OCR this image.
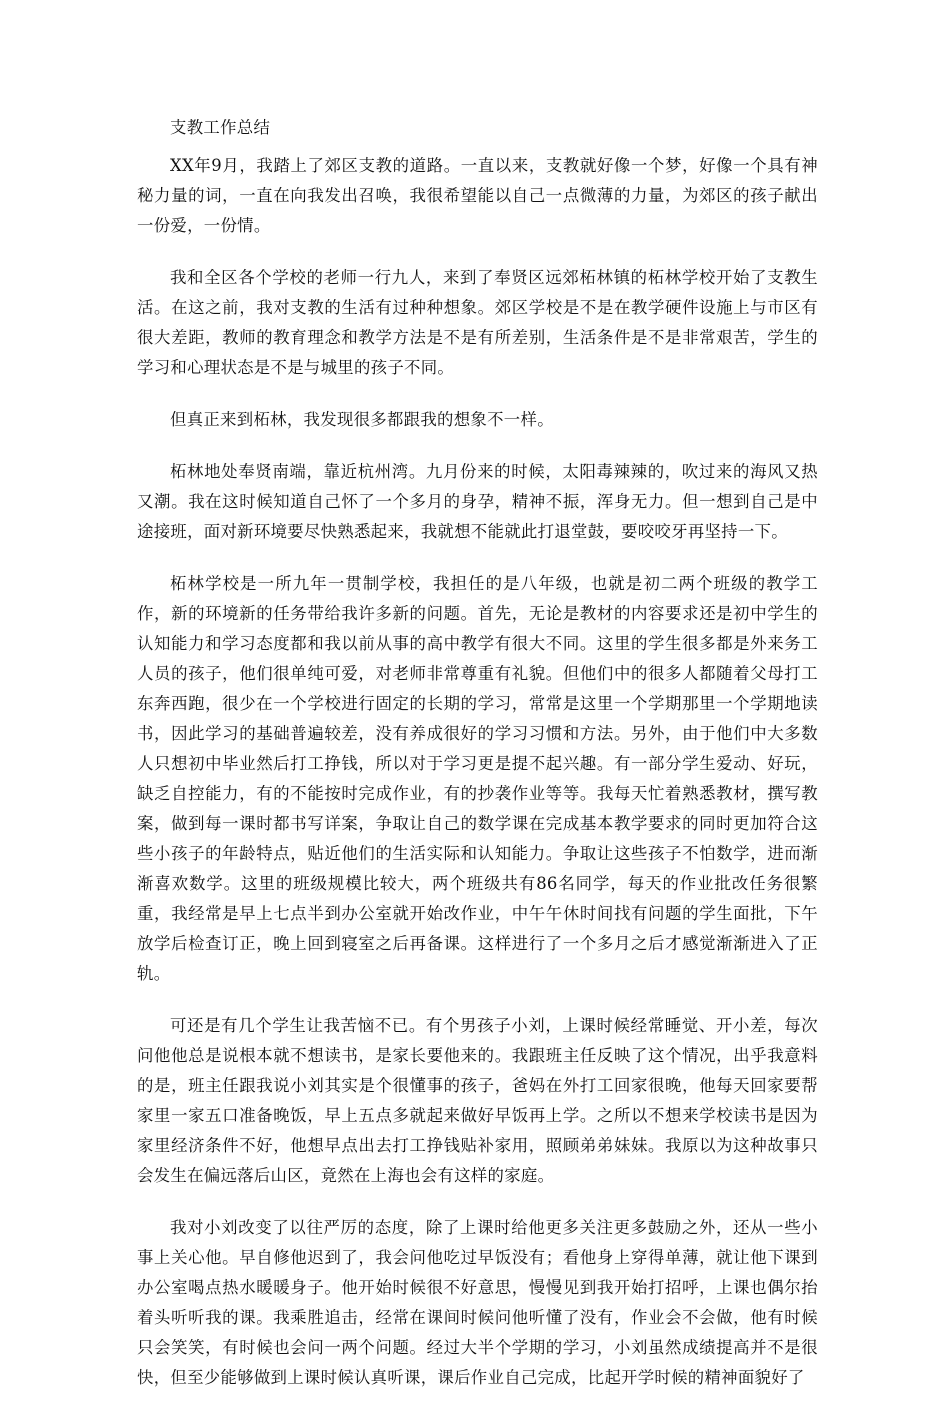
支教工作总结

XX年9月，我踏上了郊区支教的道路。一直以来，支教就好像一个梦，好像一个具有神秘力量的词，一直在向我发出召唤，我很希望能以自己一点微薄的力量，为郊区的孩子献出一份爱，一份情。

我和全区各个学校的老师一行九人，来到了奉贤区远郊柘林镇的柘林学校开始了支教生活。在这之前，我对支教的生活有过种种想象。郊区学校是不是在教学硬件设施上与市区有很大差距，教师的教育理念和教学方法是不是有所差别，生活条件是不是非常艰苦，学生的学习和心理状态是不是与城里的孩子不同。

但真正来到柘林，我发现很多都跟我的想象不一样。

柘林地处奉贤南端，靠近杭州湾。九月份来的时候，太阳毒辣辣的，吹过来的海风又热又潮。我在这时候知道自己怀了一个多月的身孕，精神不振，浑身无力。但一想到自己是中途接班，面对新环境要尽快熟悉起来，我就想不能就此打退堂鼓，要咬咬牙再坚持一下。

柘林学校是一所九年一贯制学校，我担任的是八年级，也就是初二两个班级的教学工作，新的环境新的任务带给我许多新的问题。首先，无论是教材的内容要求还是初中学生的认知能力和学习态度都和我以前从事的高中教学有很大不同。这里的学生很多都是外来务工人员的孩子，他们很单纯可爱，对老师非常尊重有礼貌。但他们中的很多人都随着父母打工东奔西跑，很少在一个学校进行固定的长期的学习，常常是这里一个学期那里一个学期地读书，因此学习的基础普遍较差，没有养成很好的学习习惯和方法。另外，由于他们中大多数人只想初中毕业然后打工挣钱，所以对于学习更是提不起兴趣。有一部分学生爱动、好玩，缺乏自控能力，有的不能按时完成作业，有的抄袭作业等等。我每天忙着熟悉教材，撰写教案，做到每一课时都书写详案，争取让自己的数学课在完成基本教学要求的同时更加符合这些小孩子的年龄特点，贴近他们的生活实际和认知能力。争取让这些孩子不怕数学，进而渐渐喜欢数学。这里的班级规模比较大，两个班级共有86名同学，每天的作业批改任务很繁重，我经常是早上七点半到办公室就开始改作业，中午午休时间找有问题的学生面批，下午放学后检查订正，晚上回到寝室之后再备课。这样进行了一个多月之后才感觉渐渐进入了正轨。

可还是有几个学生让我苦恼不已。有个男孩子小刘，上课时候经常睡觉、开小差，每次问他他总是说根本就不想读书，是家长要他来的。我跟班主任反映了这个情况，出乎我意料的是，班主任跟我说小刘其实是个很懂事的孩子，爸妈在外打工回家很晚，他每天回家要帮家里一家五口准备晚饭，早上五点多就起来做好早饭再上学。之所以不想来学校读书是因为家里经济条件不好，他想早点出去打工挣钱贴补家用，照顾弟弟妹妹。我原以为这种故事只会发生在偏远落后山区，竟然在上海也会有这样的家庭。

我对小刘改变了以往严厉的态度，除了上课时给他更多关注更多鼓励之外，还从一些小事上关心他。早自修他迟到了，我会问他吃过早饭没有；看他身上穿得单薄，就让他下课到办公室喝点热水暖暖身子。他开始时候很不好意思，慢慢见到我开始打招呼，上课也偶尔抬着头听听我的课。我乘胜追击，经常在课间时候问他听懂了没有，作业会不会做，他有时候只会笑笑，有时候也会问一两个问题。经过大半个学期的学习，小刘虽然成绩提高并不是很快，但至少能够做到上课时候认真听课，课后作业自己完成，比起开学时候的精神面貌好了
